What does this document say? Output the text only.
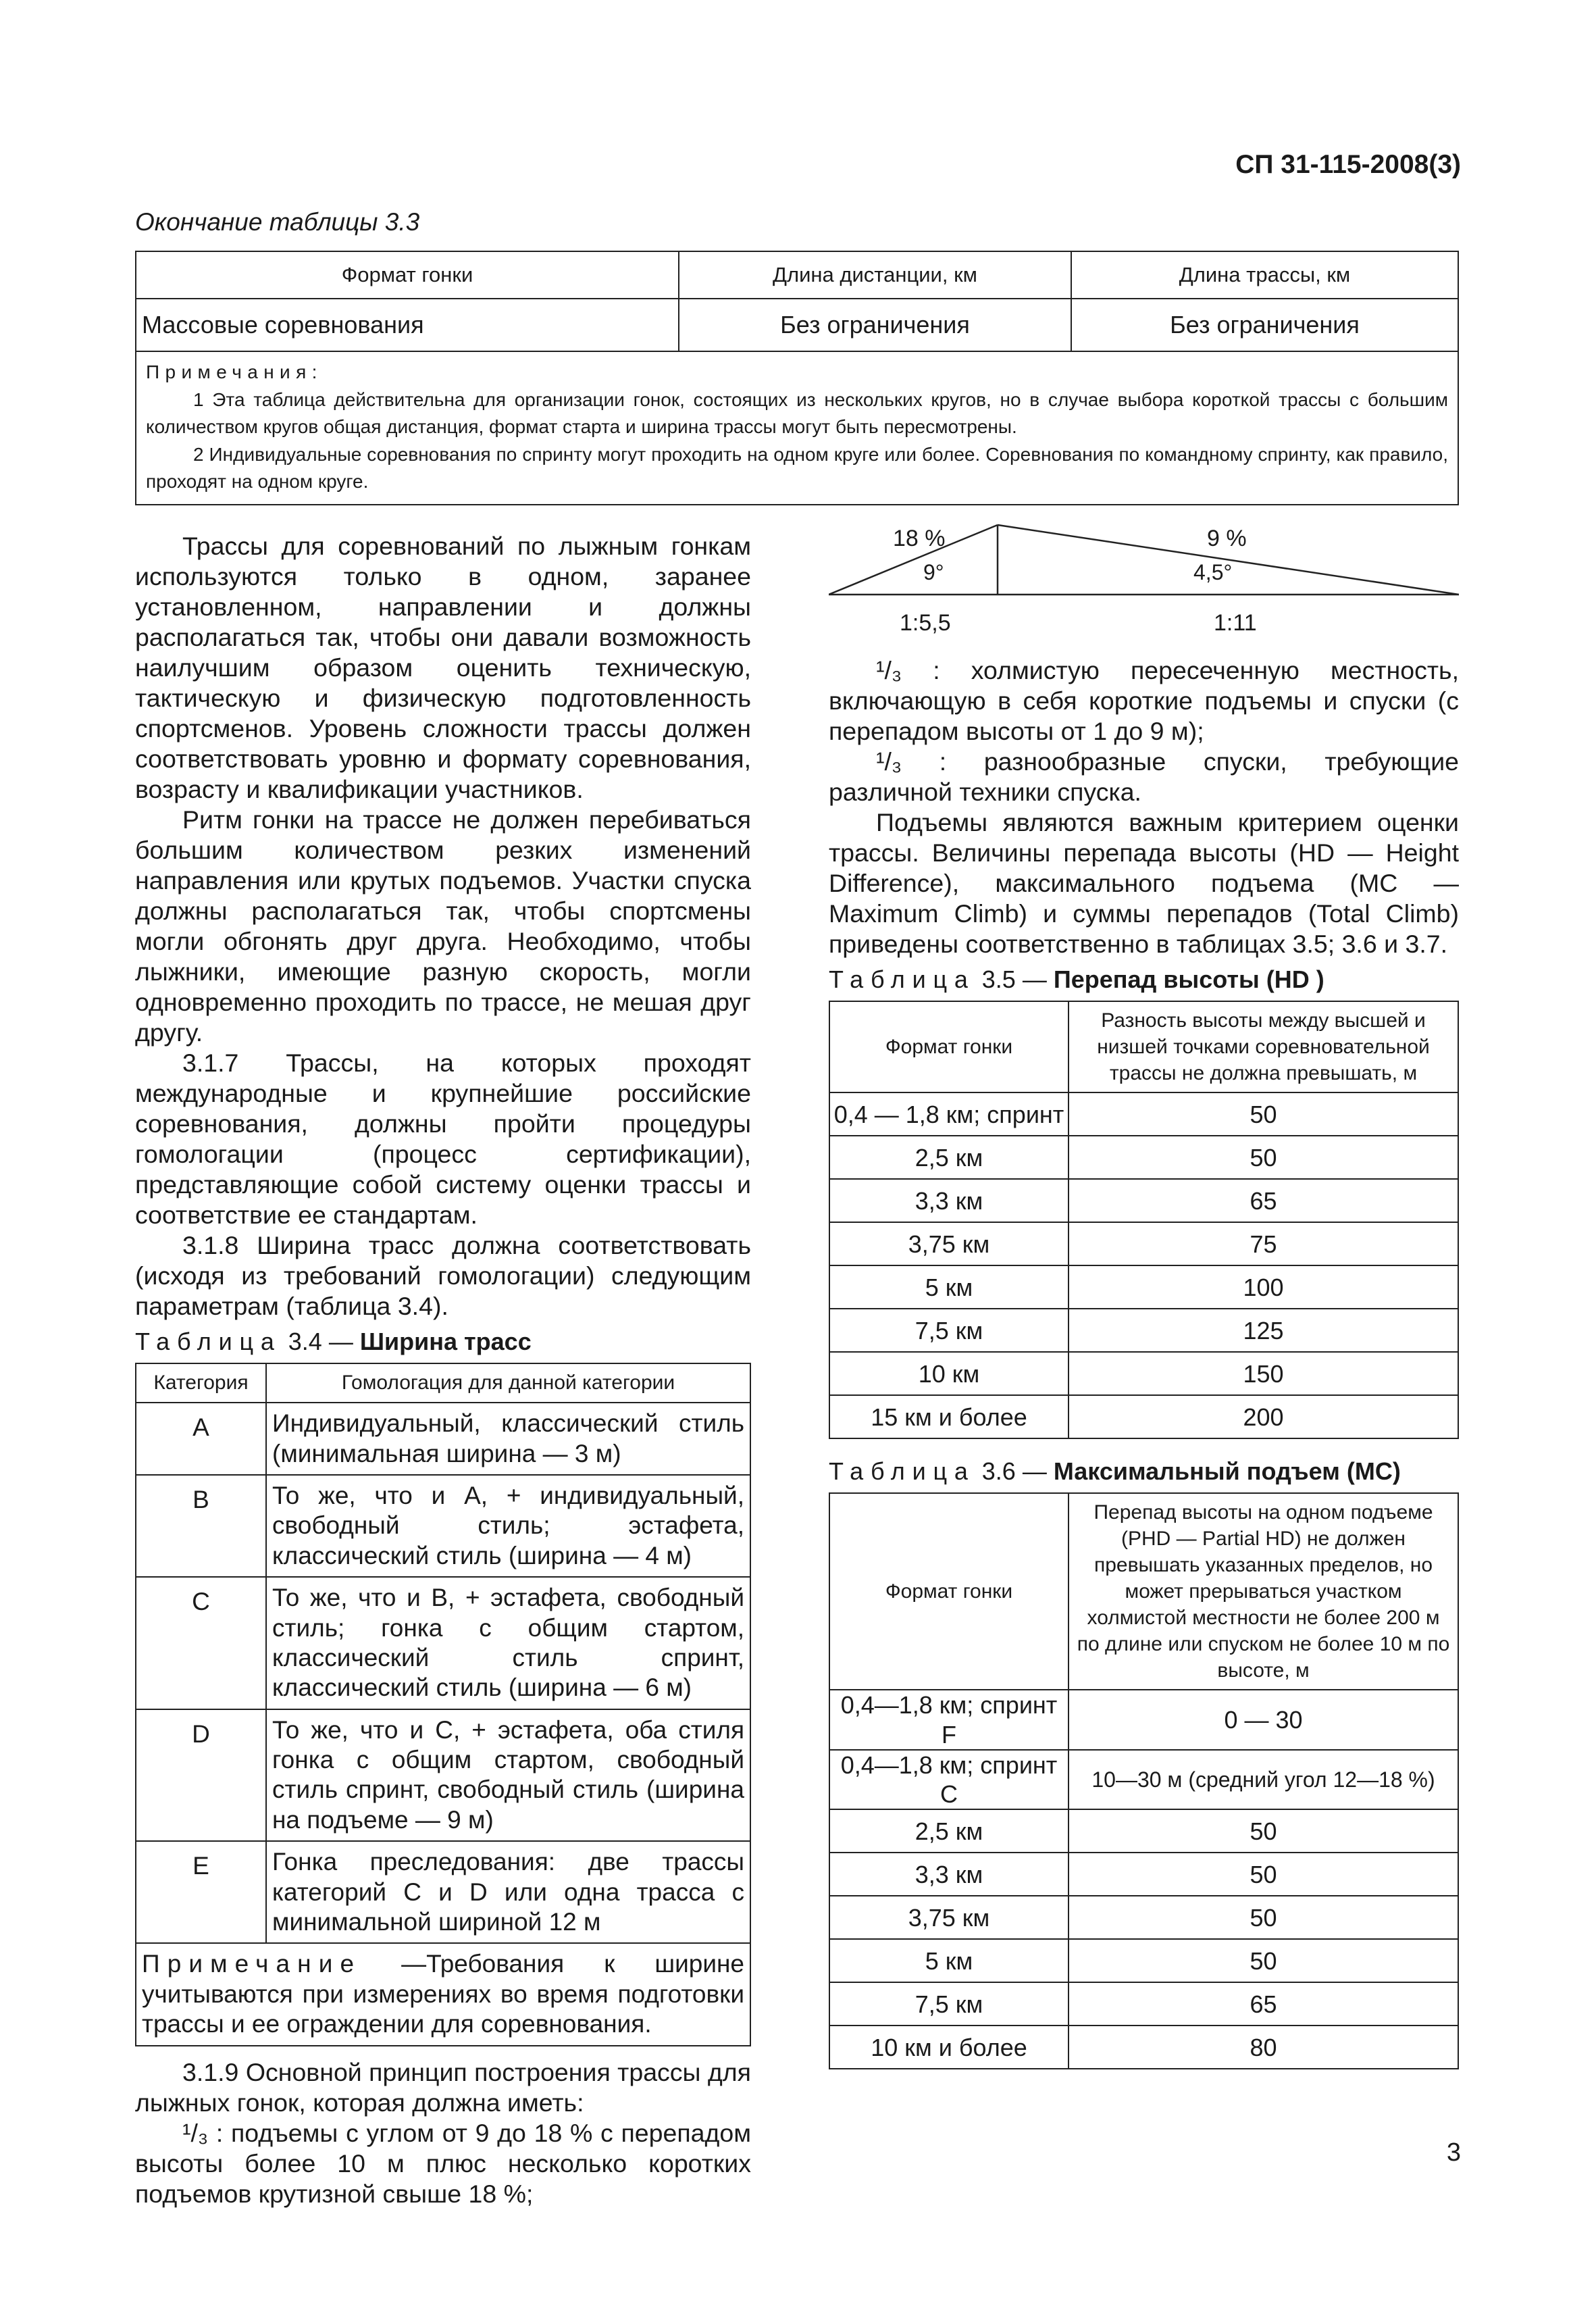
СП 31-115-2008(3)
Окончание таблицы 3.3
Формат гонки	Длина дистанции, км	Длина трассы, км
Массовые соревнования	Без ограничения	Без ограничения

Примечания:
1 Эта таблица действительна для организации гонок, состоящих из нескольких кругов, но в случае выбора короткой трассы с большим количеством кругов общая дистанция, формат старта и ширина трассы могут быть пересмотрены.
2 Индивидуальные соревнования по спринту могут проходить на одном круге или более. Соревнования по командному спринту, как правило, проходят на одном круге.		

Трассы для соревнований по лыжным гонкам используются только в одном, заранее установленном, направлении и должны располагаться так, чтобы они давали возможность наилучшим образом оценить техническую, тактическую и физическую подготовленность спортсменов. Уровень сложности трассы должен соответствовать уровню и формату соревнования, возрасту и квалификации участников.

Ритм гонки на трассе не должен перебиваться большим количеством резких изменений направления или крутых подъемов. Участки спуска должны располагаться так, чтобы спортсмены могли обгонять друг друга. Необходимо, чтобы лыжники, имеющие разную скорость, могли одновременно проходить по трассе, не мешая друг другу.

3.1.7 Трассы, на которых проходят международные и крупнейшие российские соревнования, должны пройти процедуры гомологации (процесс сертификации), представляющие собой систему оценки трассы и соответствие ее стандартам.

3.1.8 Ширина трасс должна соответствовать (исходя из требований гомологации) следующим параметрам (таблица 3.4).

Таблица 3.4 — Ширина трасс
Категория	Гомологация для данной категории
A	Индивидуальный, классический стиль (минимальная ширина — 3 м)
B	То же, что и A, + индивидуальный, свободный стиль; эстафета, классический стиль (ширина — 4 м)
C	То же, что и B, + эстафета, свободный стиль; гонка с общим стартом, классический стиль спринт, классический стиль (ширина — 6 м)
D	То же, что и C, + эстафета, оба стиля гонка с общим стартом, свободный стиль спринт, свободный стиль (ширина на подъеме — 9 м)
E	Гонка преследования: две трассы категорий C и D или одна трасса с минимальной шириной 12 м
Примечание —Требования к ширине учитываются при измерениях во время подготовки трассы и ее ограждении для соревнования.	

3.1.9 Основной принцип построения трассы для лыжных гонок, которая должна иметь:

¹/₃ : подъемы с углом от 9 до 18 % с перепадом высоты более 10 м плюс несколько коротких подъемов крутизной свыше 18 %;

18 %
9°
1:5,5
9 %
4,5°
1:11

¹/₃ : холмистую пересеченную местность, включающую в себя короткие подъемы и спуски (с перепадом высоты от 1 до 9 м);

¹/₃ : разнообразные спуски, требующие различной техники спуска.

Подъемы являются важным критерием оценки трассы. Величины перепада высоты (HD — Height Difference), максимального подъема (MC — Maximum Climb) и суммы перепадов (Total Climb) приведены соответственно в таблицах 3.5; 3.6 и 3.7.

Таблица 3.5 — Перепад высоты (HD )
Формат гонки	Разность высоты между высшей и низшей точками соревновательной трассы не должна превышать, м
0,4 — 1,8 км; спринт	50
2,5 км	50
3,3 км	65
3,75 км	75
5 км	100
7,5 км	125
10 км	150
15 км и более	200
Таблица 3.6 — Максимальный подъем (MC)
Формат гонки	Перепад высоты на одном подъеме (PHD — Partial HD) не должен превышать указанных пределов, но может прерываться участком холмистой местности не более 200 м по длине или спуском не более 10 м по высоте, м
0,4—1,8 км; спринт F	0 — 30
0,4—1,8 км; спринт C	10—30 м (средний угол 12—18 %)
2,5 км	50
3,3 км	50
3,75 км	50
5 км	50
7,5 км	65
10 км и более	80
3
